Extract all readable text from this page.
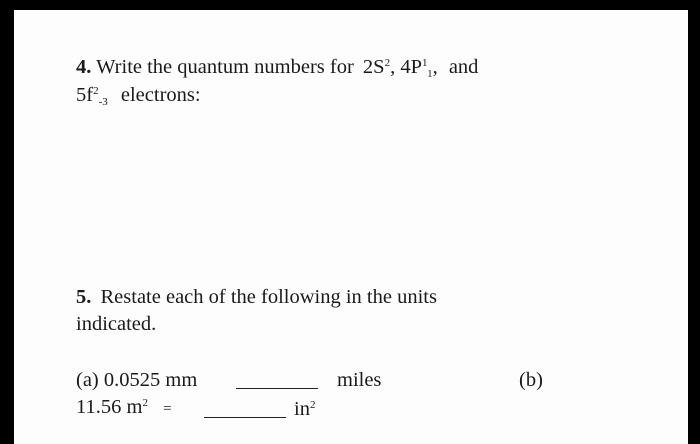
4. Write the quantum numbers for $2S^2$, $4P^1_1$, and
$5f^2_{-3}$ electrons:
5. Restate each of the following in the units
indicated.
(a) 0.0525 mm	miles	(b)
11.56 $m^2$ =	$in^2$
